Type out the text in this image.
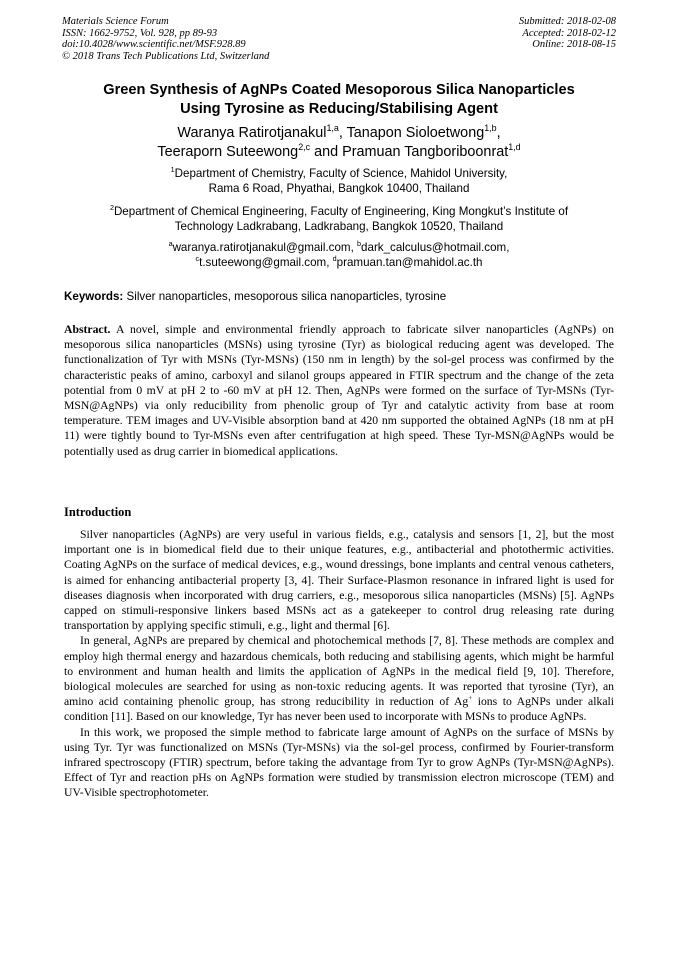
Materials Science Forum
ISSN: 1662-9752, Vol. 928, pp 89-93
doi:10.4028/www.scientific.net/MSF.928.89
© 2018 Trans Tech Publications Ltd, Switzerland
Submitted: 2018-02-08
Accepted: 2018-02-12
Online: 2018-08-15
Green Synthesis of AgNPs Coated Mesoporous Silica Nanoparticles
Using Tyrosine as Reducing/Stabilising Agent
Waranya Ratirotjanakul$^{1,a}$, Tanapon Sioloetwong$^{1,b}$,
Teeraporn Suteewong$^{2,c}$ and Pramuan Tangboriboonrat$^{1,d}$
$^1$Department of Chemistry, Faculty of Science, Mahidol University,
Rama 6 Road, Phyathai, Bangkok 10400, Thailand
$^2$Department of Chemical Engineering, Faculty of Engineering, King Mongkut’s Institute of
Technology Ladkrabang, Ladkrabang, Bangkok 10520, Thailand
$^a$waranya.ratirotjanakul@gmail.com, $^b$dark_calculus@hotmail.com,
$^c$t.suteewong@gmail.com, $^d$pramuan.tan@mahidol.ac.th
Keywords: Silver nanoparticles, mesoporous silica nanoparticles, tyrosine
Abstract. A novel, simple and environmental friendly approach to fabricate silver nanoparticles (AgNPs) on mesoporous silica nanoparticles (MSNs) using tyrosine (Tyr) as biological reducing agent was developed. The functionalization of Tyr with MSNs (Tyr-MSNs) (150 nm in length) by the sol-gel process was confirmed by the characteristic peaks of amino, carboxyl and silanol groups appeared in FTIR spectrum and the change of the zeta potential from 0 mV at pH 2 to -60 mV at pH 12. Then, AgNPs were formed on the surface of Tyr-MSNs (Tyr-MSN@AgNPs) via only reducibility from phenolic group of Tyr and catalytic activity from base at room temperature. TEM images and UV-Visible absorption band at 420 nm supported the obtained AgNPs (18 nm at pH 11) were tightly bound to Tyr-MSNs even after centrifugation at high speed. These Tyr-MSN@AgNPs would be potentially used as drug carrier in biomedical applications.
Introduction

Silver nanoparticles (AgNPs) are very useful in various fields, e.g., catalysis and sensors [1, 2], but the most important one is in biomedical field due to their unique features, e.g., antibacterial and photothermic activities. Coating AgNPs on the surface of medical devices, e.g., wound dressings, bone implants and central venous catheters, is aimed for enhancing antibacterial property [3, 4]. Their Surface-Plasmon resonance in infrared light is used for diseases diagnosis when incorporated with drug carriers, e.g., mesoporous silica nanoparticles (MSNs) [5]. AgNPs capped on stimuli-responsive linkers based MSNs act as a gatekeeper to control drug releasing rate during transportation by applying specific stimuli, e.g., light and thermal [6].

In general, AgNPs are prepared by chemical and photochemical methods [7, 8]. These methods are complex and employ high thermal energy and hazardous chemicals, both reducing and stabilising agents, which might be harmful to environment and human health and limits the application of AgNPs in the medical field [9, 10]. Therefore, biological molecules are searched for using as non-toxic reducing agents. It was reported that tyrosine (Tyr), an amino acid containing phenolic group, has strong reducibility in reduction of Ag+ ions to AgNPs under alkali condition [11]. Based on our knowledge, Tyr has never been used to incorporate with MSNs to produce AgNPs.

In this work, we proposed the simple method to fabricate large amount of AgNPs on the surface of MSNs by using Tyr. Tyr was functionalized on MSNs (Tyr-MSNs) via the sol-gel process, confirmed by Fourier-transform infrared spectroscopy (FTIR) spectrum, before taking the advantage from Tyr to grow AgNPs (Tyr-MSN@AgNPs). Effect of Tyr and reaction pHs on AgNPs formation were studied by transmission electron microscope (TEM) and UV-Visible spectrophotometer.
